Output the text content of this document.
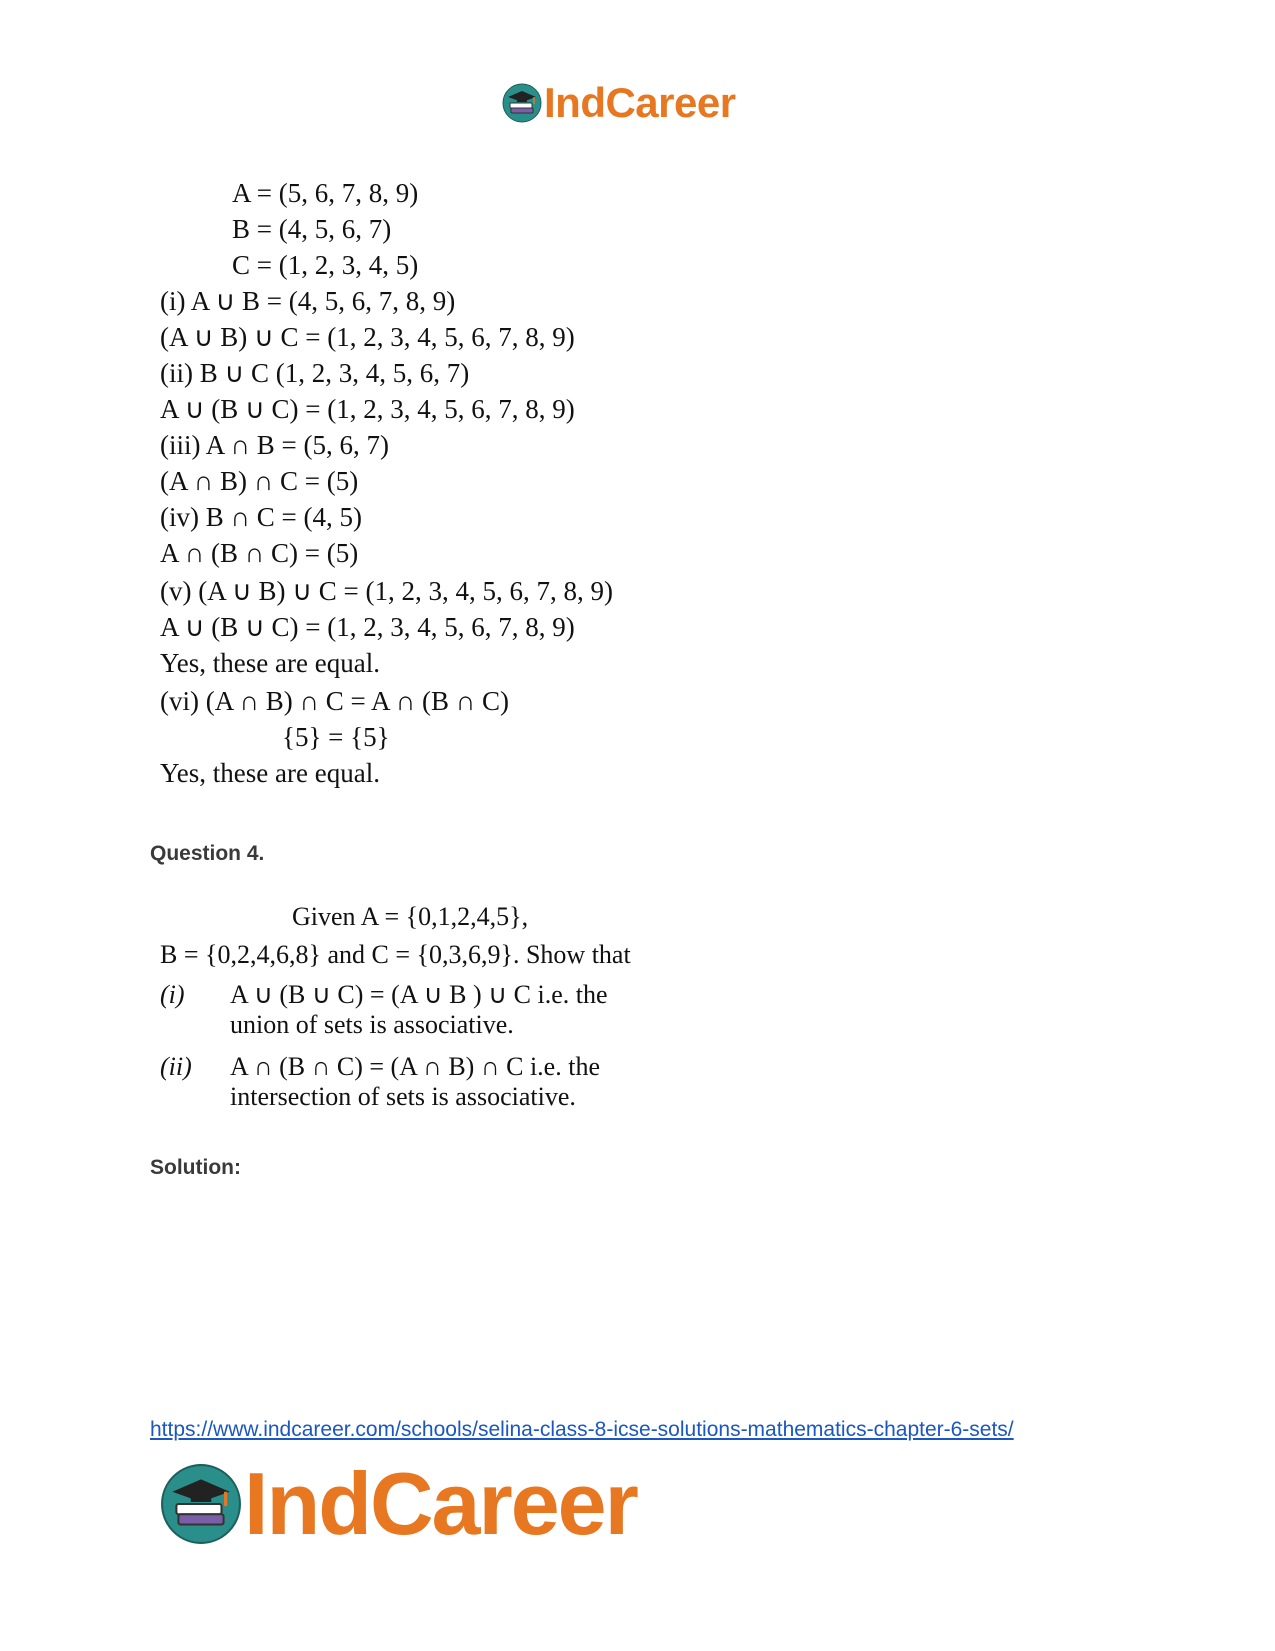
IndCareer

A = (5, 6, 7, 8, 9)

B = (4, 5, 6, 7)

C = (1, 2, 3, 4, 5)

(i) A ∪ B = (4, 5, 6, 7, 8, 9)

(A ∪ B) ∪ C = (1, 2, 3, 4, 5, 6, 7, 8, 9)

(ii) B ∪ C (1, 2, 3, 4, 5, 6, 7)

A ∪ (B ∪ C) = (1, 2, 3, 4, 5, 6, 7, 8, 9)

(iii) A ∩ B = (5, 6, 7)

(A ∩ B) ∩ C = (5)

(iv) B ∩ C = (4, 5)

A ∩ (B ∩ C) = (5)

(v) (A ∪ B) ∪ C = (1, 2, 3, 4, 5, 6, 7, 8, 9)

A ∪ (B ∪ C) = (1, 2, 3, 4, 5, 6, 7, 8, 9)

Yes, these are equal.

(vi) (A ∩ B) ∩ C = A ∩ (B ∩ C)

{5} = {5}

Yes, these are equal.

Question 4.
Given A = {0,1,2,4,5},
B = {0,2,4,6,8} and C = {0,3,6,9}. Show that
(i) A ∪ (B ∪ C) = (A ∪ B ) ∪ C i.e. the
union of sets is associative.
(ii) A ∩ (B ∩ C) = (A ∩ B) ∩ C i.e. the
intersection of sets is associative.
Solution:
https://www.indcareer.com/schools/selina-class-8-icse-solutions-mathematics-chapter-6-sets/
IndCareer
